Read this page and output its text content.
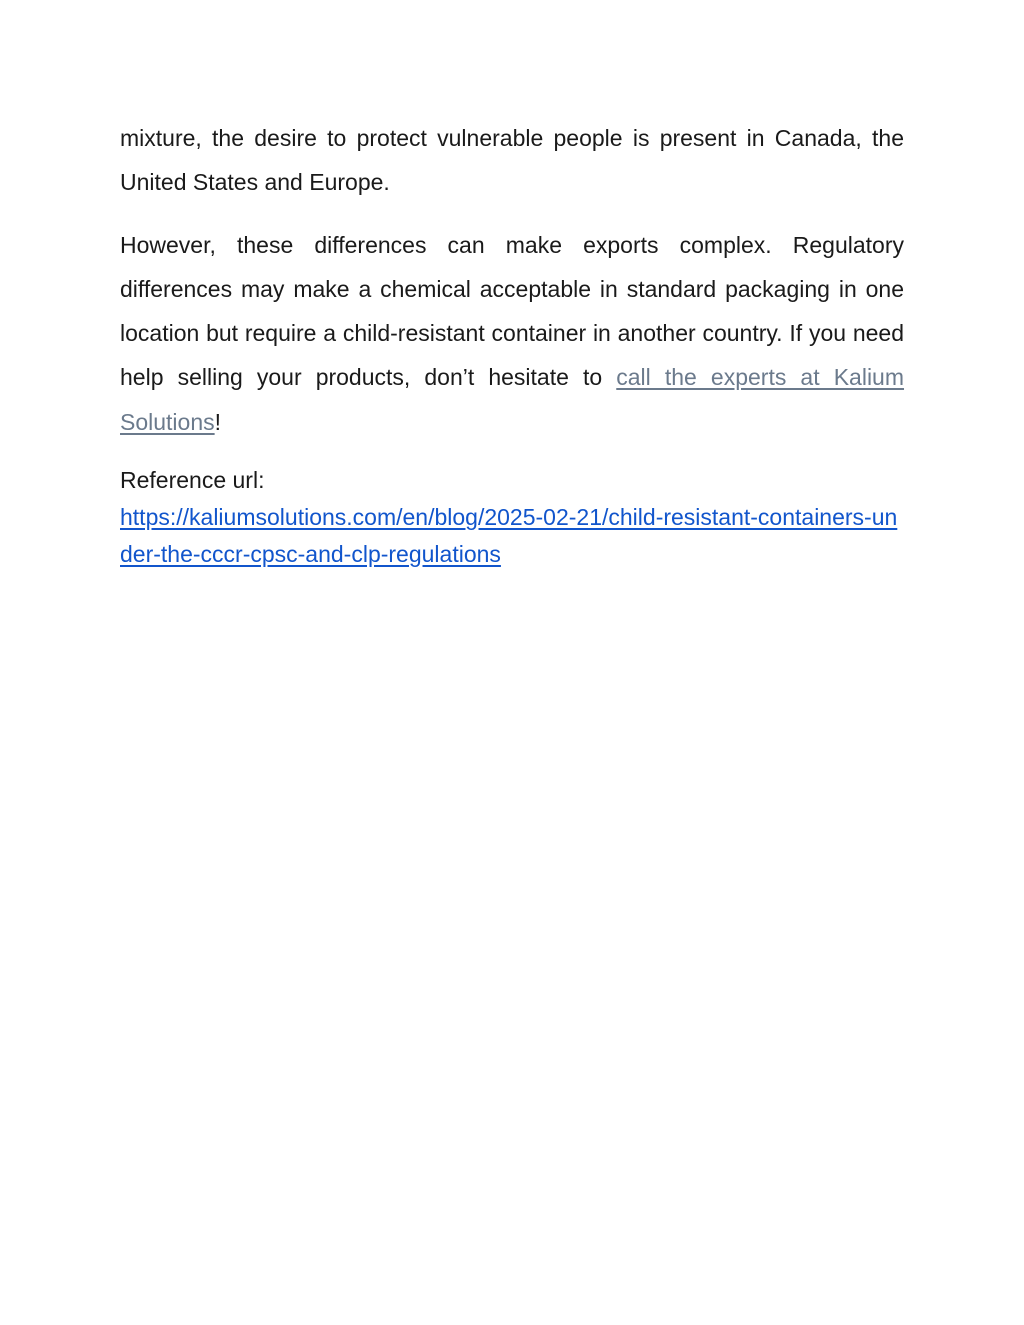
mixture, the desire to protect vulnerable people is present in Canada, the United States and Europe.

However, these differences can make exports complex. Regulatory differences may make a chemical acceptable in standard packaging in one location but require a child-resistant container in another country. If you need help selling your products, don’t hesitate to call the experts at Kalium Solutions!

Reference url:
https://kaliumsolutions.com/en/blog/2025-02-21/child-resistant-containers-under-the-cccr-cpsc-and-clp-regulations
